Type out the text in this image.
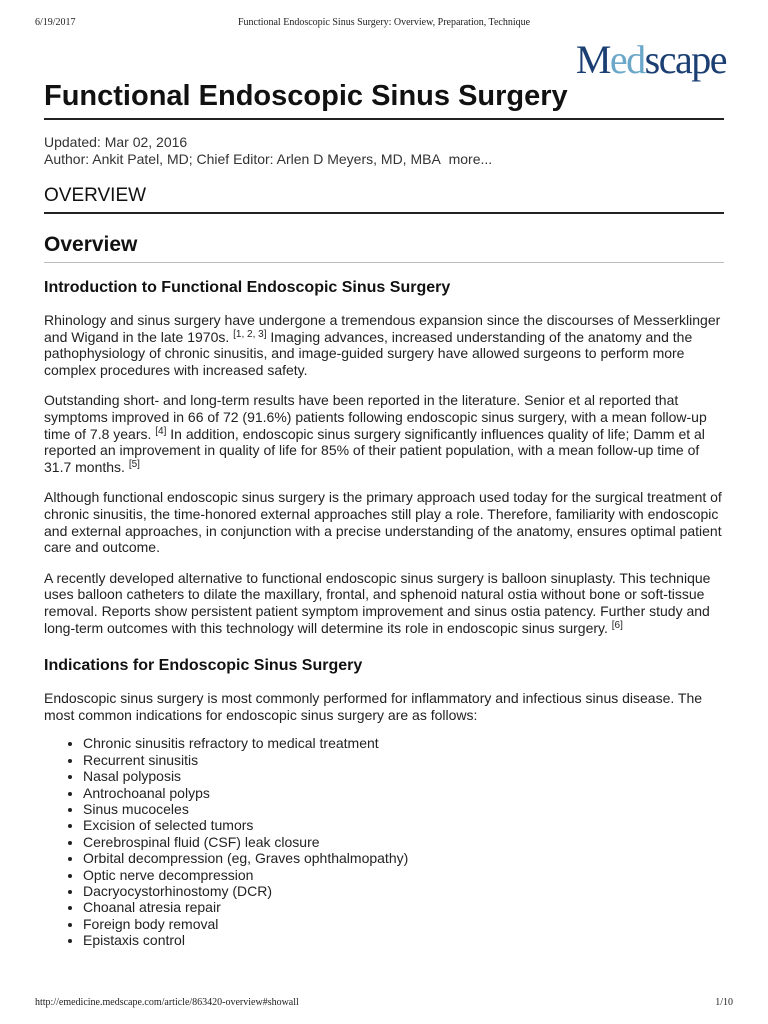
6/19/2017	Functional Endoscopic Sinus Surgery: Overview, Preparation, Technique
Medscape
Functional Endoscopic Sinus Surgery
Updated: Mar 02, 2016
Author: Ankit Patel, MD; Chief Editor: Arlen D Meyers, MD, MBA more...
OVERVIEW
Overview
Introduction to Functional Endoscopic Sinus Surgery

Rhinology and sinus surgery have undergone a tremendous expansion since the discourses of Messerklinger and Wigand in the late 1970s. [1, 2, 3] Imaging advances, increased understanding of the anatomy and the pathophysiology of chronic sinusitis, and image-guided surgery have allowed surgeons to perform more complex procedures with increased safety.

Outstanding short- and long-term results have been reported in the literature. Senior et al reported that symptoms improved in 66 of 72 (91.6%) patients following endoscopic sinus surgery, with a mean follow-up time of 7.8 years. [4] In addition, endoscopic sinus surgery significantly influences quality of life; Damm et al reported an improvement in quality of life for 85% of their patient population, with a mean follow-up time of 31.7 months. [5]

Although functional endoscopic sinus surgery is the primary approach used today for the surgical treatment of chronic sinusitis, the time-honored external approaches still play a role. Therefore, familiarity with endoscopic and external approaches, in conjunction with a precise understanding of the anatomy, ensures optimal patient care and outcome.

A recently developed alternative to functional endoscopic sinus surgery is balloon sinuplasty. This technique uses balloon catheters to dilate the maxillary, frontal, and sphenoid natural ostia without bone or soft-tissue removal. Reports show persistent patient symptom improvement and sinus ostia patency. Further study and long-term outcomes with this technology will determine its role in endoscopic sinus surgery. [6]

Indications for Endoscopic Sinus Surgery

Endoscopic sinus surgery is most commonly performed for inflammatory and infectious sinus disease. The most common indications for endoscopic sinus surgery are as follows:

• Chronic sinusitis refractory to medical treatment
• Recurrent sinusitis
• Nasal polyposis
• Antrochoanal polyps
• Sinus mucoceles
• Excision of selected tumors
• Cerebrospinal fluid (CSF) leak closure
• Orbital decompression (eg, Graves ophthalmopathy)
• Optic nerve decompression
• Dacryocystorhinostomy (DCR)
• Choanal atresia repair
• Foreign body removal
• Epistaxis control
http://emedicine.medscape.com/article/863420-overview#showall	1/10
